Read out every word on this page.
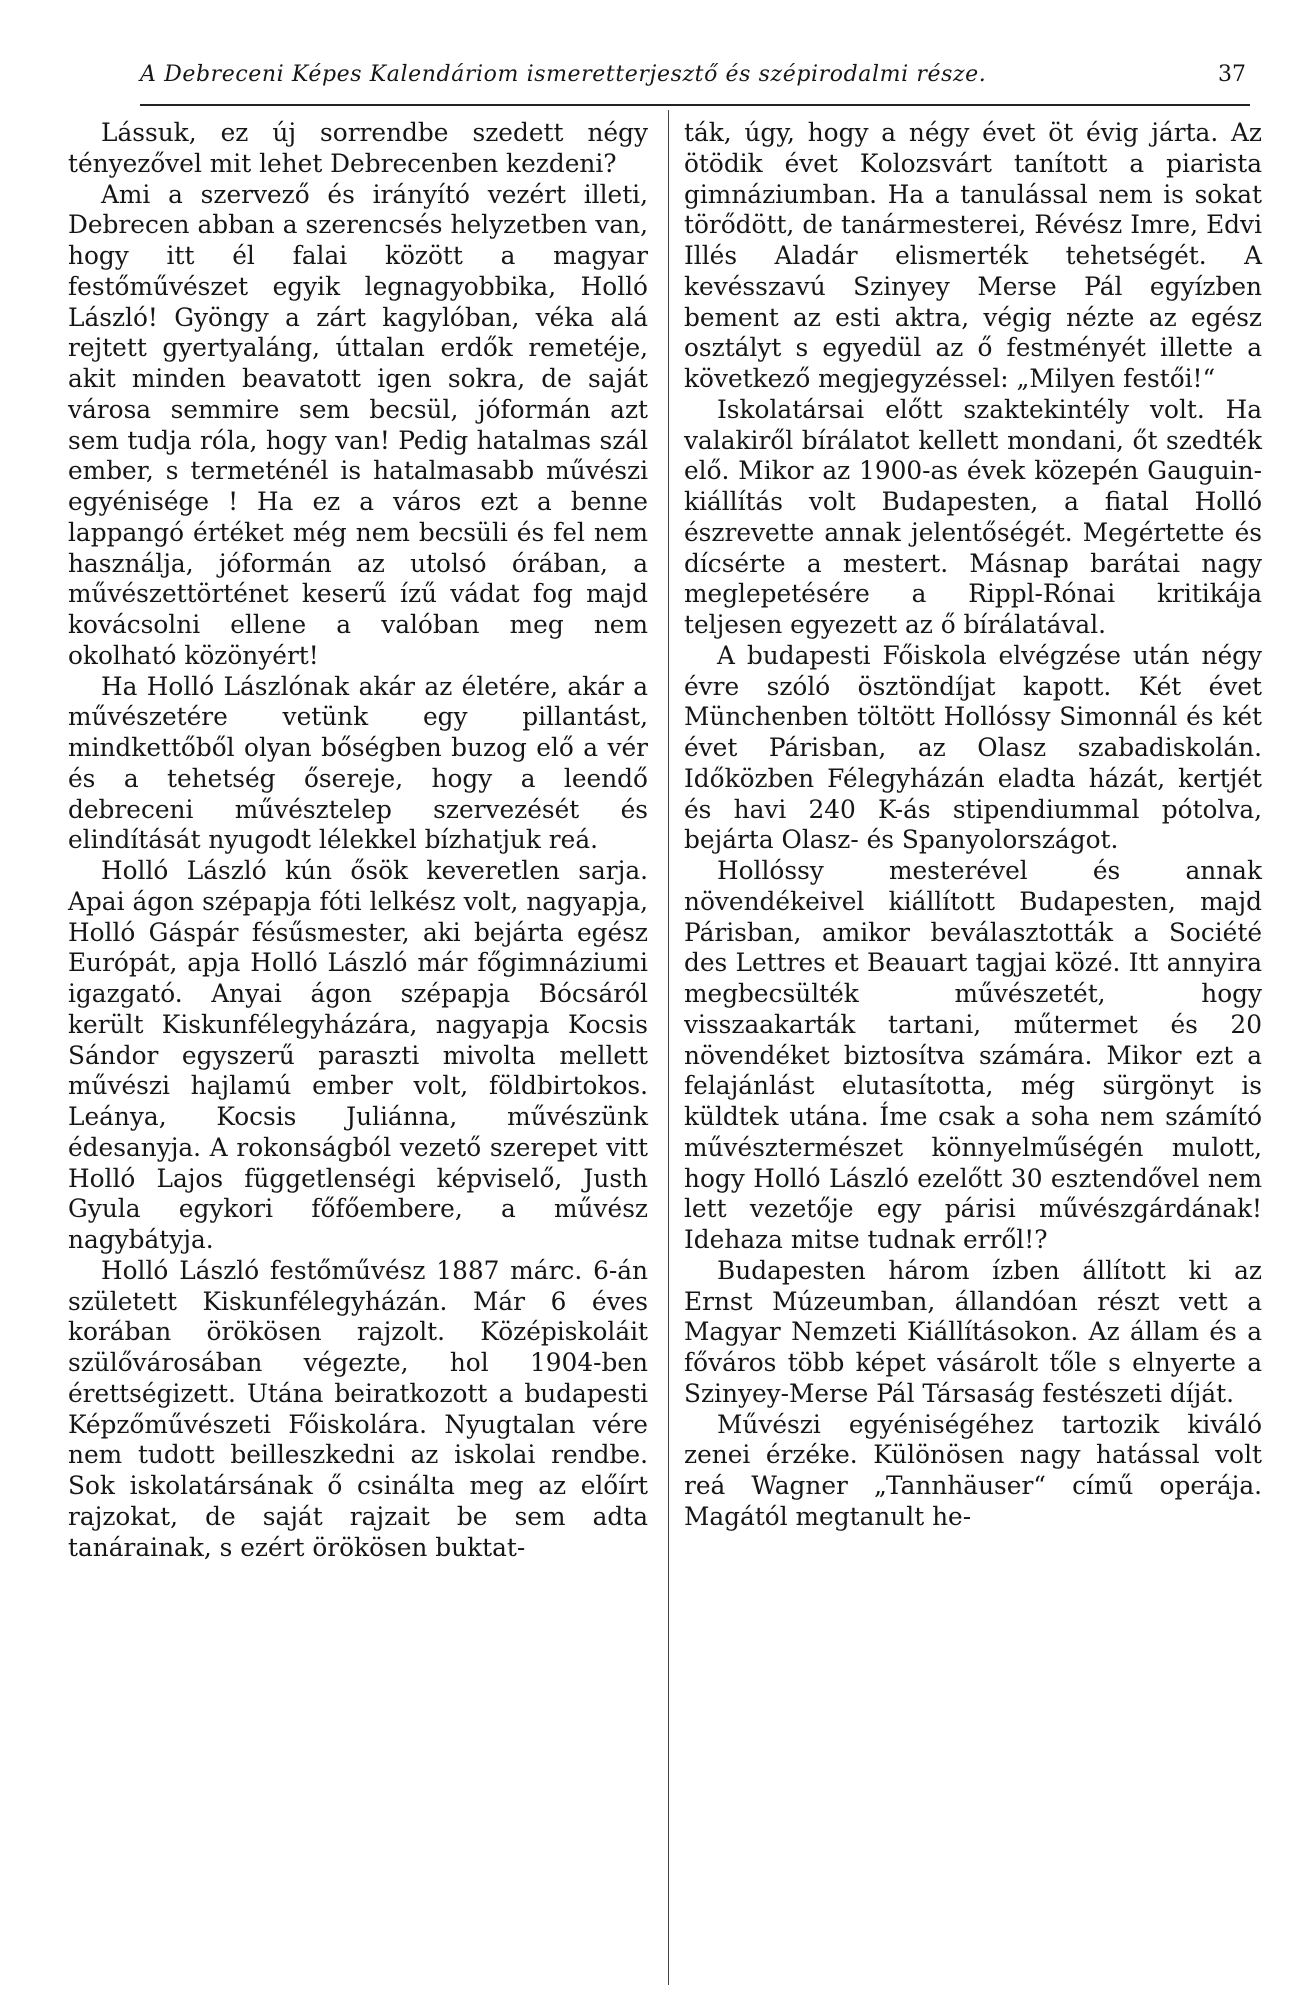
A Debreceni Képes Kalendáriom ismeretterjesztő és szépirodalmi része.	37

Lássuk, ez új sorrendbe szedett négy tényezővel mit lehet Debrecenben kezdeni?

Ami a szervező és irányító vezért illeti, Debrecen abban a szerencsés helyzetben van, hogy itt él falai között a magyar festőművészet egyik legnagyobbika, Holló László! Gyöngy a zárt kagylóban, véka alá rejtett gyertyaláng, úttalan erdők remetéje, akit minden beavatott igen sokra, de saját városa semmire sem becsül, jóformán azt sem tudja róla, hogy van! Pedig hatalmas szál ember, s termeténél is hatalmasabb művészi egyénisége ! Ha ez a város ezt a benne lappangó értéket még nem becsüli és fel nem használja, jóformán az utolsó órában, a művészettörténet keserű ízű vádat fog majd kovácsolni ellene a valóban meg nem okolható közönyért!

Ha Holló Lászlónak akár az életére, akár a művészetére vetünk egy pillantást, mindkettőből olyan bőségben buzog elő a vér és a tehetség őserеje, hogy a leendő debreceni művésztelep szervezését és elindítását nyugodt lélekkel bízhatjuk reá.

Holló László kún ősök keveretlen sarja. Apai ágon szépapja fóti lelkész volt, nagyapja, Holló Gáspár fésűsmester, aki bejárta egész Európát, apja Holló László már főgimnáziumi igazgató. Anyai ágon szépapja Bócsáról került Kiskunfélegyházára, nagyapja Kocsis Sándor egyszerű paraszti mivolta mellett művészi hajlamú ember volt, földbirtokos. Leánya, Kocsis Juliánna, művészünk édesanyja. A rokonságból vezető szerepet vitt Holló Lajos függetlenségi képviselő, Justh Gyula egykori főfőembere, a művész nagybátyja.

Holló László festőművész 1887 márc. 6-án született Kiskunfélegyházán. Már 6 éves korában örökösen rajzolt. Középiskoláit szülővárosában végezte, hol 1904-ben érettségizett. Utána beiratkozott a budapesti Képzőművészeti Főiskolára. Nyugtalan vére nem tudott beilleszkedni az iskolai rendbe. Sok iskolatársának ő csinálta meg az előírt rajzokat, de saját rajzait be sem adta tanárainak, s ezért örökösen buktat-

ták, úgy, hogy a négy évet öt évig járta. Az ötödik évet Kolozsvárt tanított a piarista gimnáziumban. Ha a tanulással nem is sokat törődött, de tanármesterei, Révész Imre, Edvi Illés Aladár elismerték tehetségét. A kevésszavú Szinyey Merse Pál egyízben bement az esti aktra, végig nézte az egész osztályt s egyedül az ő festményét illette a következő megjegyzéssel: „Milyen festői!“

Iskolatársai előtt szaktekintély volt. Ha valakiről bírálatot kellett mondani, őt szedték elő. Mikor az 1900-as évek közepén Gauguin-kiállítás volt Budapesten, a fiatal Holló észrevette annak jelentőségét. Megértette és dícsérte a mestert. Másnap barátai nagy meglepetésére a Rippl-Rónai kritikája teljesen egyezett az ő bírálatával.

A budapesti Főiskola elvégzése után négy évre szóló ösztöndíjat kapott. Két évet Münchenben töltött Hollóssy Simonnál és két évet Párisban, az Olasz szabadiskolán. Időközben Félegyházán eladta házát, kertjét és havi 240 K-ás stipendiummal pótolva, bejárta Olasz- és Spanyolországot.

Hollóssy mesterével és annak növendékeivel kiállított Budapesten, majd Párisban, amikor beválasztották a Société des Lettres et Beauart tagjai közé. Itt annyira megbecsülték művészetét, hogy visszaakarták tartani, műtermet és 20 növendéket biztosítva számára. Mikor ezt a felajánlást elutasította, még sürgönyt is küldtek utána. Íme csak a soha nem számító művésztermészet könnyelműségén mulott, hogy Holló László ezelőtt 30 esztendővel nem lett vezetője egy párisi művészgárdának! Idehaza mitse tudnak erről!?

Budapesten három ízben állított ki az Ernst Múzeumban, állandóan részt vett a Magyar Nemzeti Kiállításokon. Az állam és a főváros több képet vásárolt tőle s elnyerte a Szinyey-Merse Pál Társaság festészeti díját.

Művészi egyéniségéhez tartozik kiváló zenei érzéke. Különösen nagy hatással volt reá Wagner „Tannhäuser“ című operája. Magától megtanult he-
